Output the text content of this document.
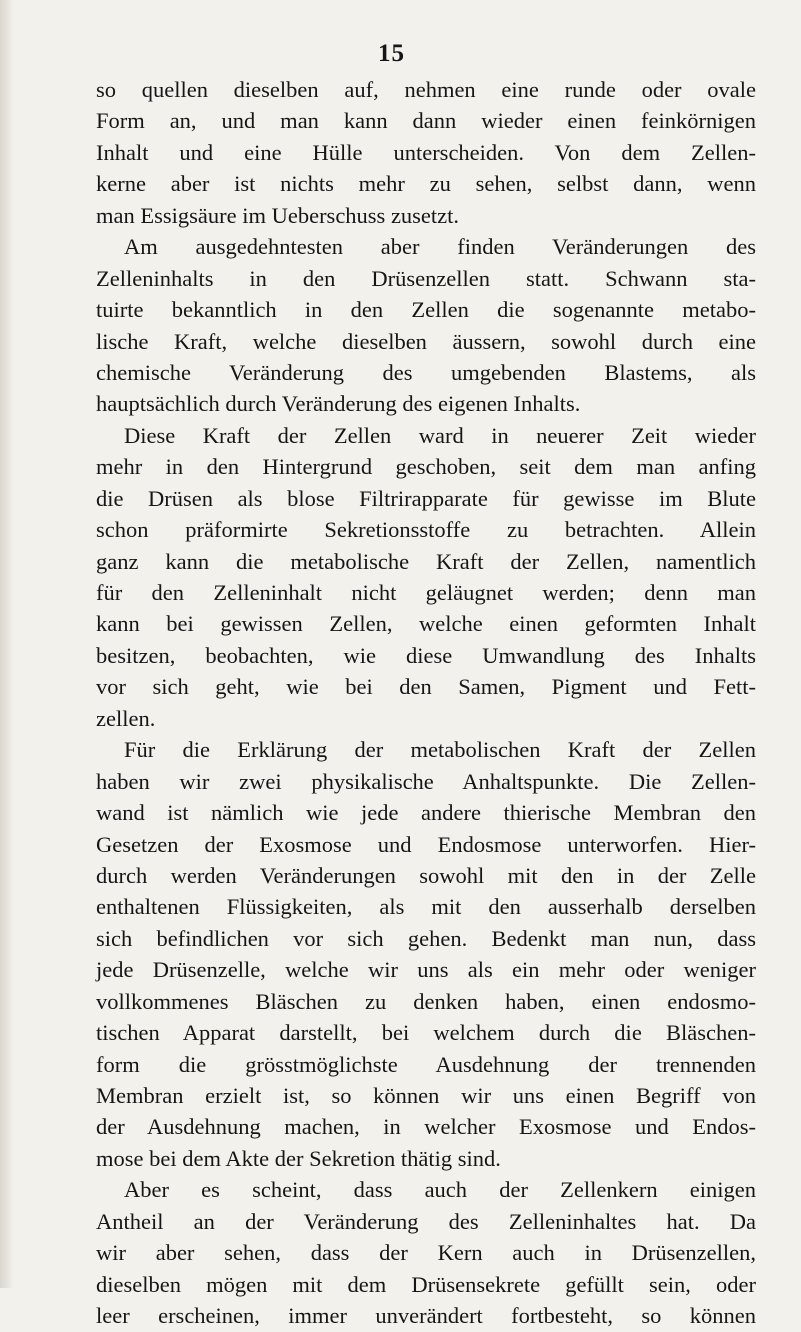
15
so quellen dieselben auf, nehmen eine runde oder ovale
Form an, und man kann dann wieder einen feinkörnigen
Inhalt und eine Hülle unterscheiden. Von dem Zellen-
kerne aber ist nichts mehr zu sehen, selbst dann, wenn
man Essigsäure im Ueberschuss zusetzt.
Am ausgedehntesten aber finden Veränderungen des
Zelleninhalts in den Drüsenzellen statt. Schwann sta-
tuirte bekanntlich in den Zellen die sogenannte metabo-
lische Kraft, welche dieselben äussern, sowohl durch eine
chemische Veränderung des umgebenden Blastems, als
hauptsächlich durch Veränderung des eigenen Inhalts.
Diese Kraft der Zellen ward in neuerer Zeit wieder
mehr in den Hintergrund geschoben, seit dem man anfing
die Drüsen als blose Filtrirapparate für gewisse im Blute
schon präformirte Sekretionsstoffe zu betrachten. Allein
ganz kann die metabolische Kraft der Zellen, namentlich
für den Zelleninhalt nicht geläugnet werden; denn man
kann bei gewissen Zellen, welche einen geformten Inhalt
besitzen, beobachten, wie diese Umwandlung des Inhalts
vor sich geht, wie bei den Samen, Pigment und Fett-
zellen.
Für die Erklärung der metabolischen Kraft der Zellen
haben wir zwei physikalische Anhaltspunkte. Die Zellen-
wand ist nämlich wie jede andere thierische Membran den
Gesetzen der Exosmose und Endosmose unterworfen. Hier-
durch werden Veränderungen sowohl mit den in der Zelle
enthaltenen Flüssigkeiten, als mit den ausserhalb derselben
sich befindlichen vor sich gehen. Bedenkt man nun, dass
jede Drüsenzelle, welche wir uns als ein mehr oder weniger
vollkommenes Bläschen zu denken haben, einen endosmo-
tischen Apparat darstellt, bei welchem durch die Bläschen-
form die grösstmöglichste Ausdehnung der trennenden
Membran erzielt ist, so können wir uns einen Begriff von
der Ausdehnung machen, in welcher Exosmose und Endos-
mose bei dem Akte der Sekretion thätig sind.
Aber es scheint, dass auch der Zellenkern einigen
Antheil an der Veränderung des Zelleninhaltes hat. Da
wir aber sehen, dass der Kern auch in Drüsenzellen,
dieselben mögen mit dem Drüsensekrete gefüllt sein, oder
leer erscheinen, immer unverändert fortbesteht, so können
